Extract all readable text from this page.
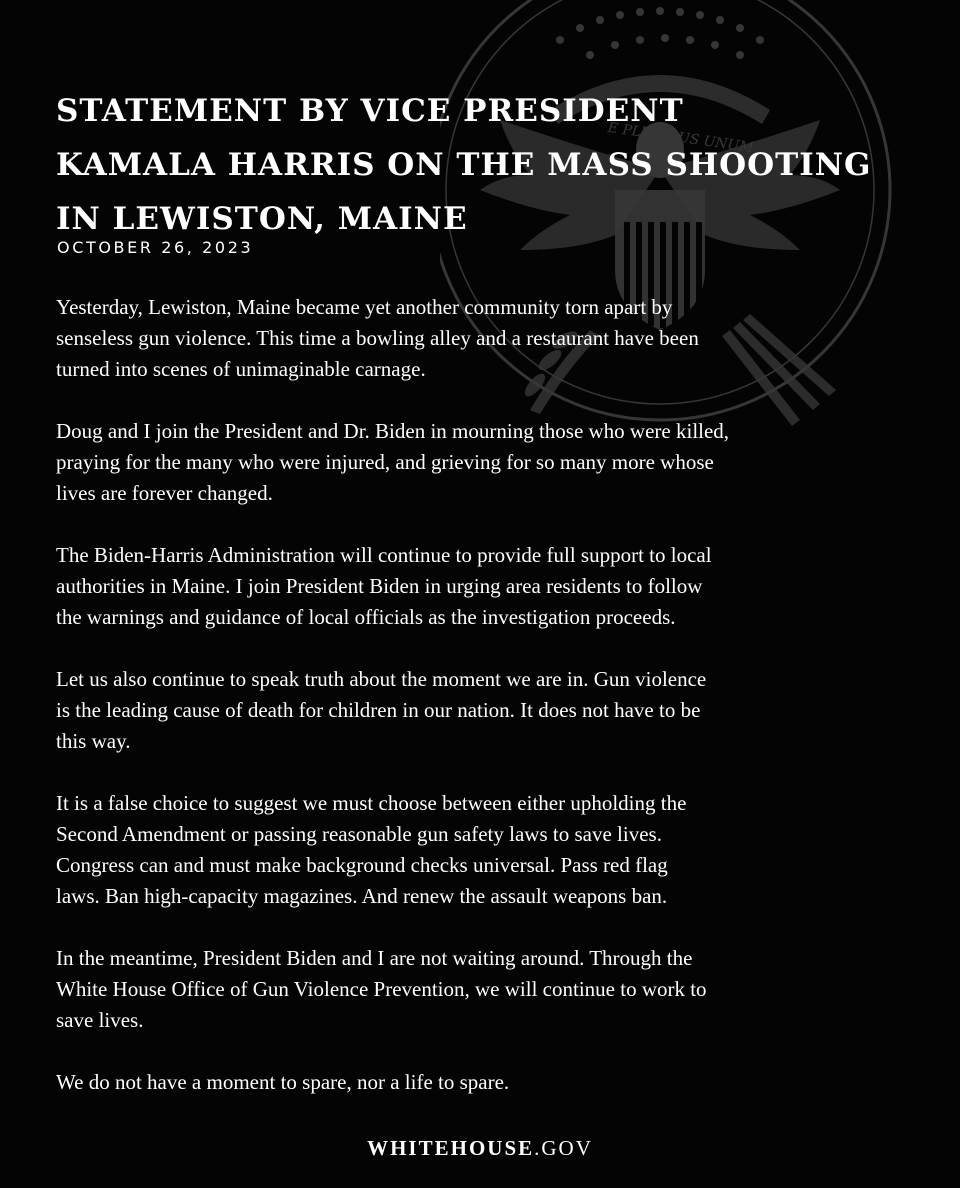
E PLURIBUS UNUM
STATEMENT BY VICE PRESIDENT
KAMALA HARRIS ON THE MASS SHOOTING
IN LEWISTON, MAINE
OCTOBER 26, 2023

Yesterday, Lewiston, Maine became yet another community torn apart by
senseless gun violence. This time a bowling alley and a restaurant have been
turned into scenes of unimaginable carnage.

Doug and I join the President and Dr. Biden in mourning those who were killed,
praying for the many who were injured, and grieving for so many more whose
lives are forever changed.

The Biden-Harris Administration will continue to provide full support to local
authorities in Maine. I join President Biden in urging area residents to follow
the warnings and guidance of local officials as the investigation proceeds.

Let us also continue to speak truth about the moment we are in. Gun violence
is the leading cause of death for children in our nation. It does not have to be
this way.

It is a false choice to suggest we must choose between either upholding the
Second Amendment or passing reasonable gun safety laws to save lives.
Congress can and must make background checks universal. Pass red flag
laws. Ban high-capacity magazines. And renew the assault weapons ban.

In the meantime, President Biden and I are not waiting around. Through the
White House Office of Gun Violence Prevention, we will continue to work to
save lives.

We do not have a moment to spare, nor a life to spare.

WHITEHOUSE.GOV
